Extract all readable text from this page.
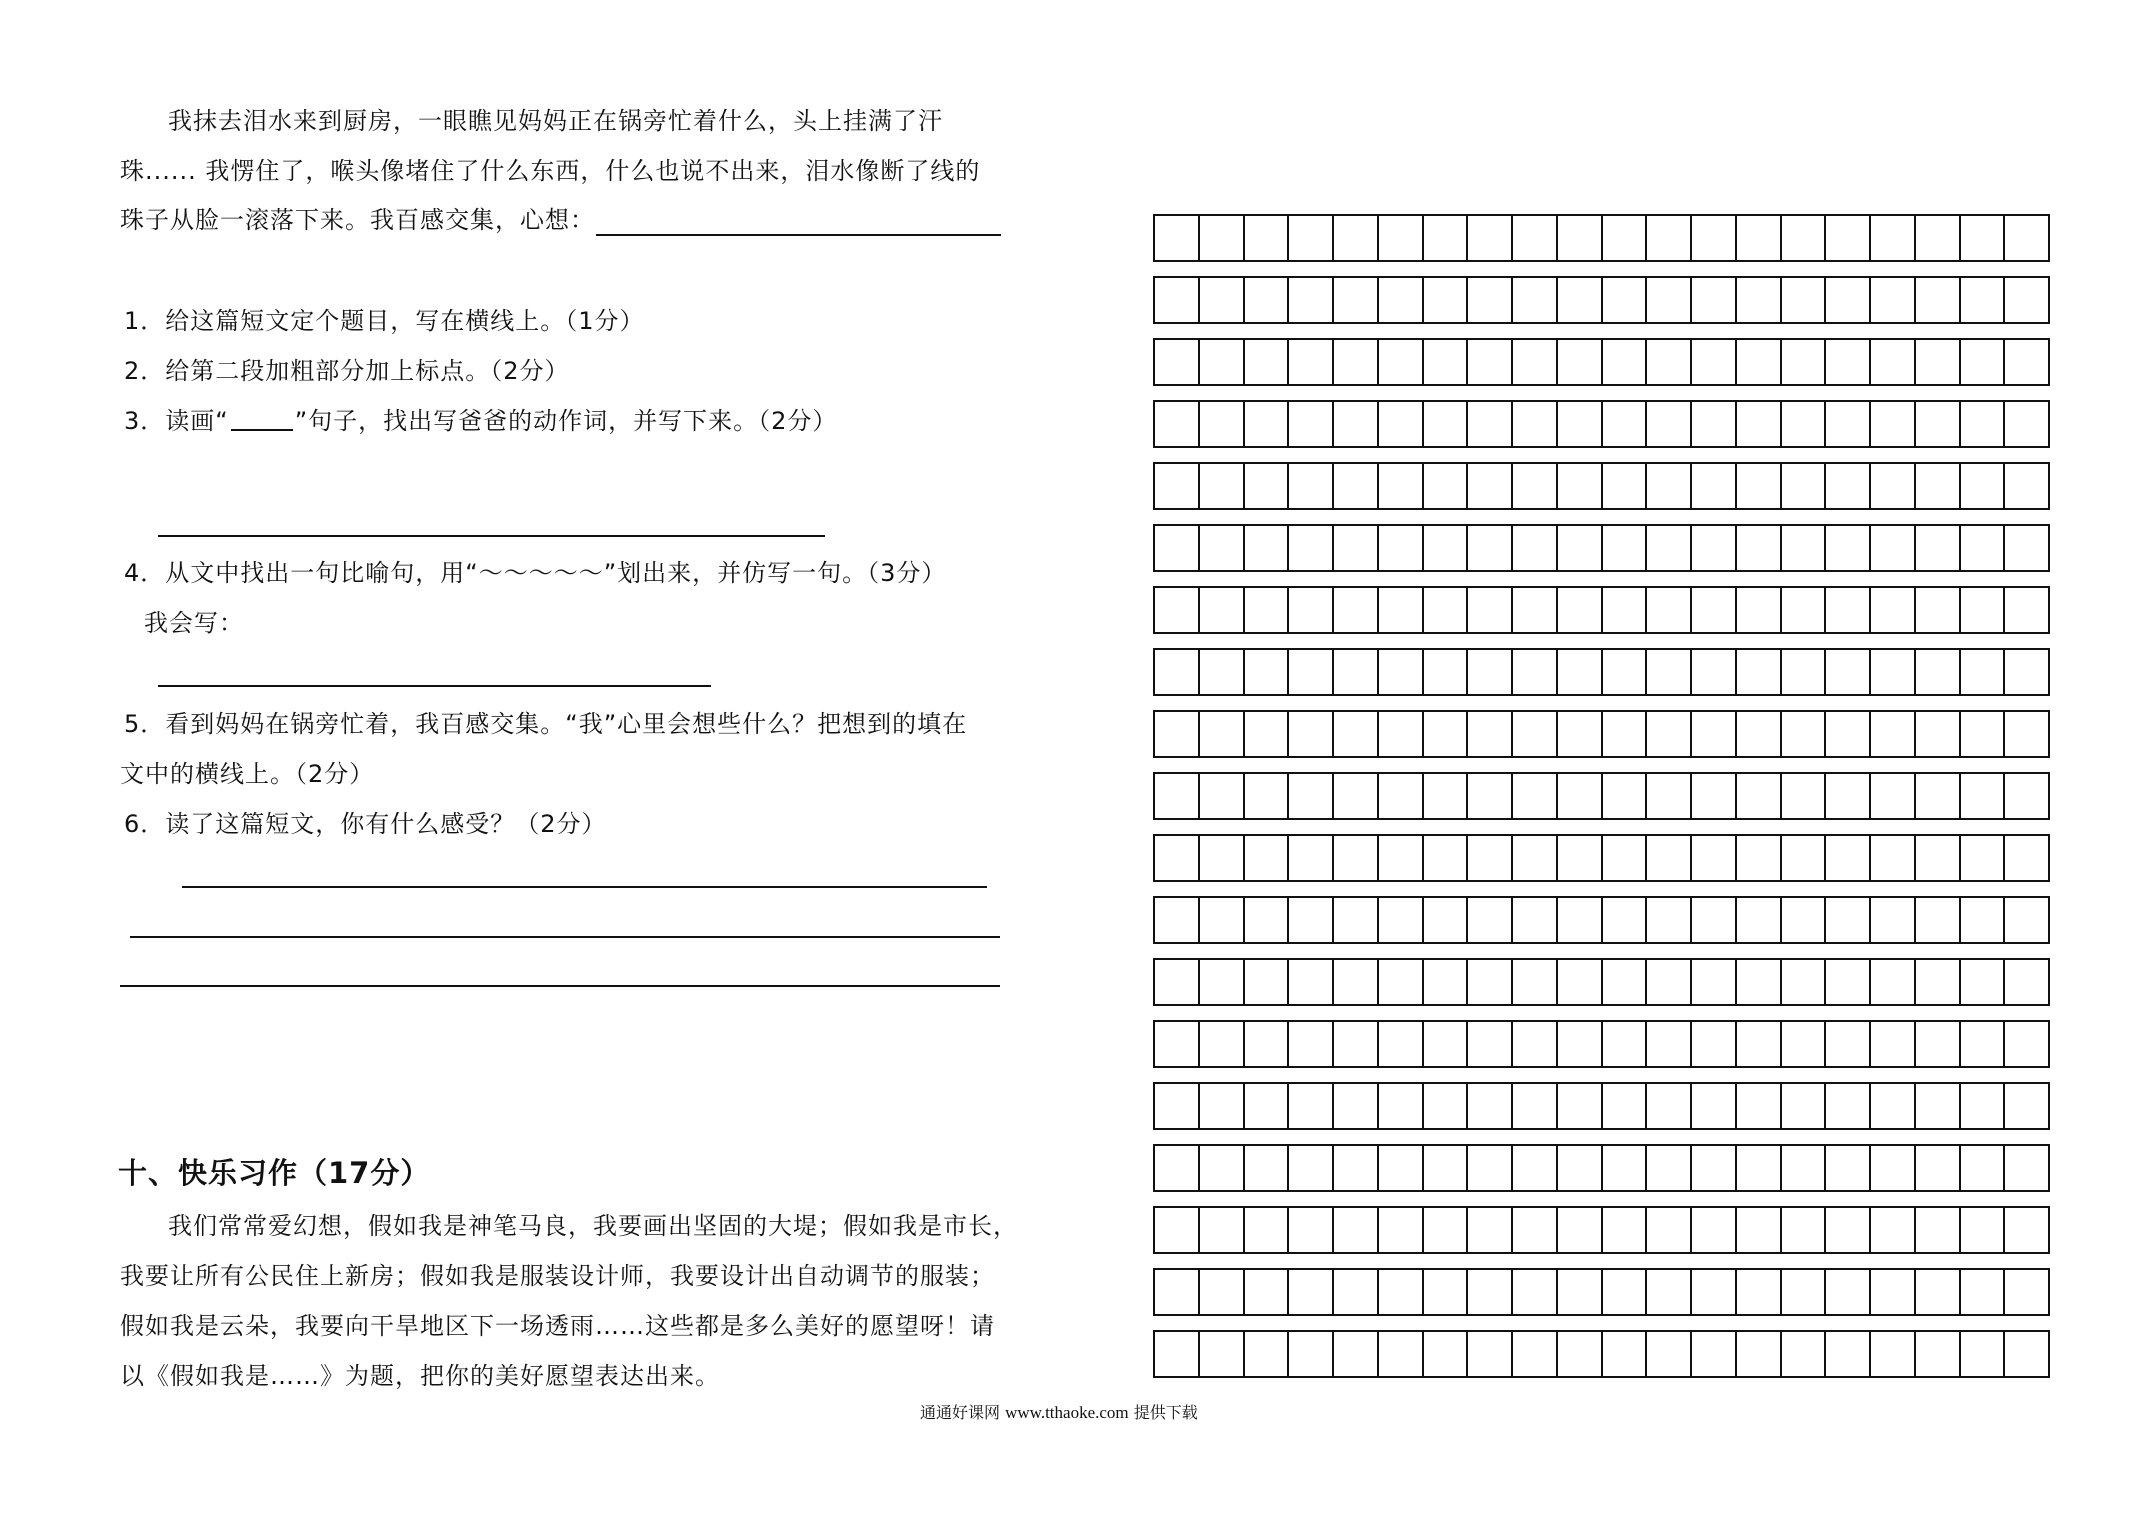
我抹去泪水来到厨房，一眼瞧见妈妈正在锅旁忙着什么，头上挂满了汗
珠...... 我愣住了，喉头像堵住了什么东西，什么也说不出来，泪水像断了线的
珠子从脸一滚落下来。我百感交集，心想：
1．给这篇短文定个题目，写在横线上。（1分）
2．给第二段加粗部分加上标点。（2分）
3．读画“	”句子，找出写爸爸的动作词，并写下来。（2分）
4．从文中找出一句比喻句，用“～～～～～”划出来，并仿写一句。（3分）
我会写：
5．看到妈妈在锅旁忙着，我百感交集。“我”心里会想些什么？把想到的填在
文中的横线上。（2分）
6．读了这篇短文，你有什么感受？（2分）
十、快乐习作（17分）
我们常常爱幻想，假如我是神笔马良，我要画出坚固的大堤；假如我是市长，
我要让所有公民住上新房；假如我是服装设计师，我要设计出自动调节的服装；
假如我是云朵，我要向干旱地区下一场透雨……这些都是多么美好的愿望呀！请
以《假如我是……》为题，把你的美好愿望表达出来。
通通好课网 www.tthaoke.com 提供下载
